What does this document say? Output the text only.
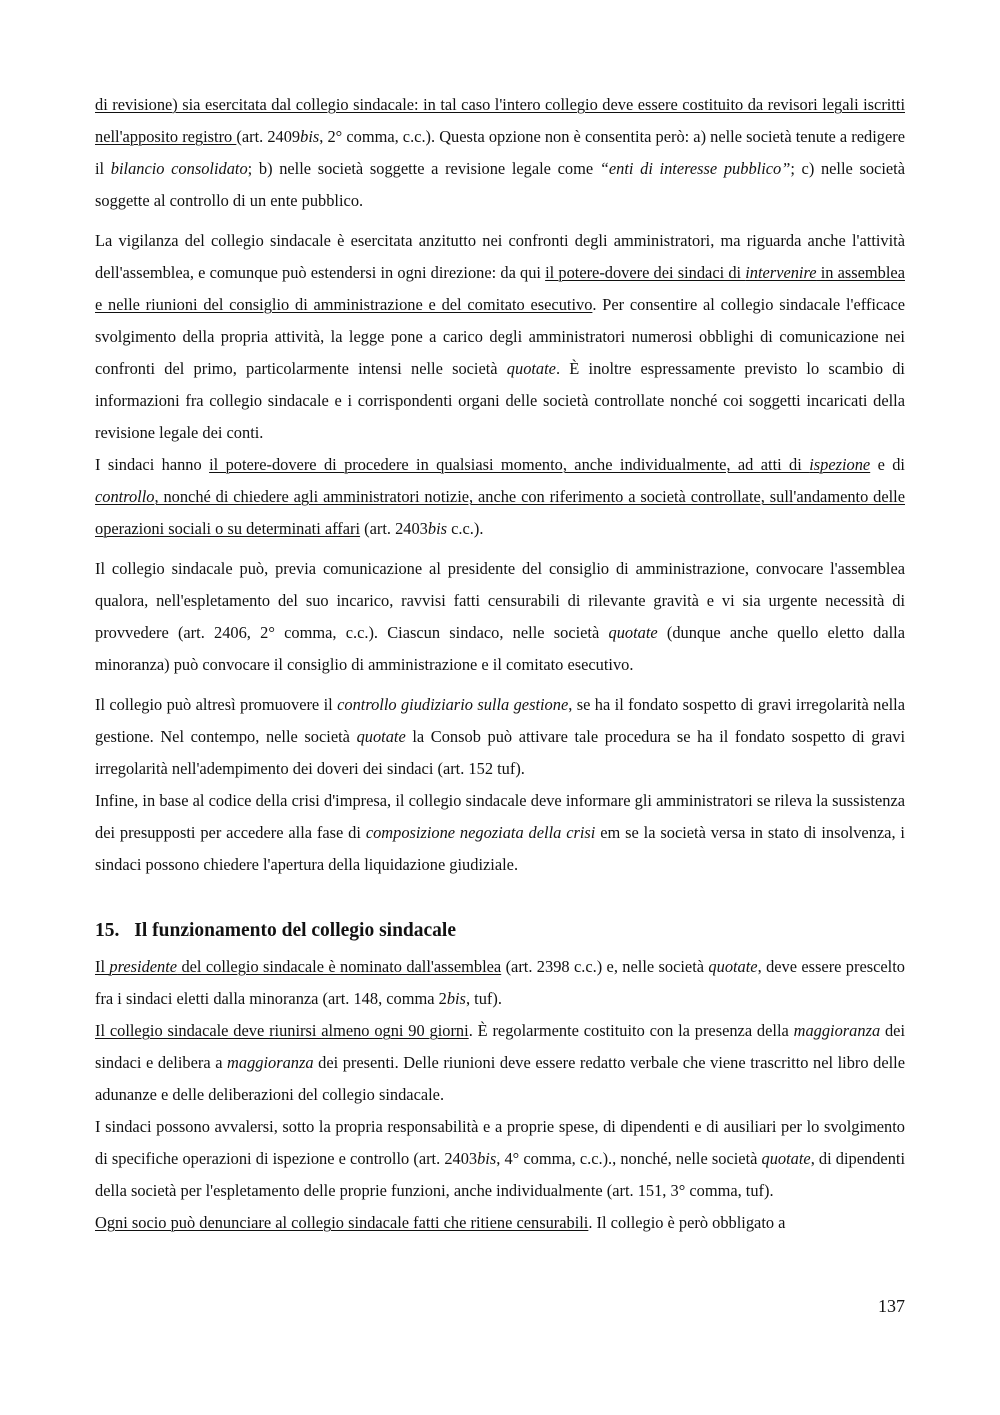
di revisione) sia esercitata dal collegio sindacale: in tal caso l'intero collegio deve essere costituito da revisori legali iscritti nell'apposito registro (art. 2409bis, 2° comma, c.c.). Questa opzione non è consentita però: a) nelle società tenute a redigere il bilancio consolidato; b) nelle società soggette a revisione legale come “enti di interesse pubblico”; c) nelle società soggette al controllo di un ente pubblico.

La vigilanza del collegio sindacale è esercitata anzitutto nei confronti degli amministratori, ma riguarda anche l'attività dell'assemblea, e comunque può estendersi in ogni direzione: da qui il potere-dovere dei sindaci di intervenire in assemblea e nelle riunioni del consiglio di amministrazione e del comitato esecutivo. Per consentire al collegio sindacale l'efficace svolgimento della propria attività, la legge pone a carico degli amministratori numerosi obblighi di comunicazione nei confronti del primo, particolarmente intensi nelle società quotate. È inoltre espressamente previsto lo scambio di informazioni fra collegio sindacale e i corrispondenti organi delle società controllate nonché coi soggetti incaricati della revisione legale dei conti.

I sindaci hanno il potere-dovere di procedere in qualsiasi momento, anche individualmente, ad atti di ispezione e di controllo, nonché di chiedere agli amministratori notizie, anche con riferimento a società controllate, sull'andamento delle operazioni sociali o su determinati affari (art. 2403bis c.c.).

Il collegio sindacale può, previa comunicazione al presidente del consiglio di amministrazione, convocare l'assemblea qualora, nell'espletamento del suo incarico, ravvisi fatti censurabili di rilevante gravità e vi sia urgente necessità di provvedere (art. 2406, 2° comma, c.c.). Ciascun sindaco, nelle società quotate (dunque anche quello eletto dalla minoranza) può convocare il consiglio di amministrazione e il comitato esecutivo.

Il collegio può altresì promuovere il controllo giudiziario sulla gestione, se ha il fondato sospetto di gravi irregolarità nella gestione. Nel contempo, nelle società quotate la Consob può attivare tale procedura se ha il fondato sospetto di gravi irregolarità nell'adempimento dei doveri dei sindaci (art. 152 tuf).

Infine, in base al codice della crisi d'impresa, il collegio sindacale deve informare gli amministratori se rileva la sussistenza dei presupposti per accedere alla fase di composizione negoziata della crisi em se la società versa in stato di insolvenza, i sindaci possono chiedere l'apertura della liquidazione giudiziale.

15. Il funzionamento del collegio sindacale

Il presidente del collegio sindacale è nominato dall'assemblea (art. 2398 c.c.) e, nelle società quotate, deve essere prescelto fra i sindaci eletti dalla minoranza (art. 148, comma 2bis, tuf).

Il collegio sindacale deve riunirsi almeno ogni 90 giorni. È regolarmente costituito con la presenza della maggioranza dei sindaci e delibera a maggioranza dei presenti. Delle riunioni deve essere redatto verbale che viene trascritto nel libro delle adunanze e delle deliberazioni del collegio sindacale.

I sindaci possono avvalersi, sotto la propria responsabilità e a proprie spese, di dipendenti e di ausiliari per lo svolgimento di specifiche operazioni di ispezione e controllo (art. 2403bis, 4° comma, c.c.)., nonché, nelle società quotate, di dipendenti della società per l'espletamento delle proprie funzioni, anche individualmente (art. 151, 3° comma, tuf).

Ogni socio può denunciare al collegio sindacale fatti che ritiene censurabili. Il collegio è però obbligato a

137
